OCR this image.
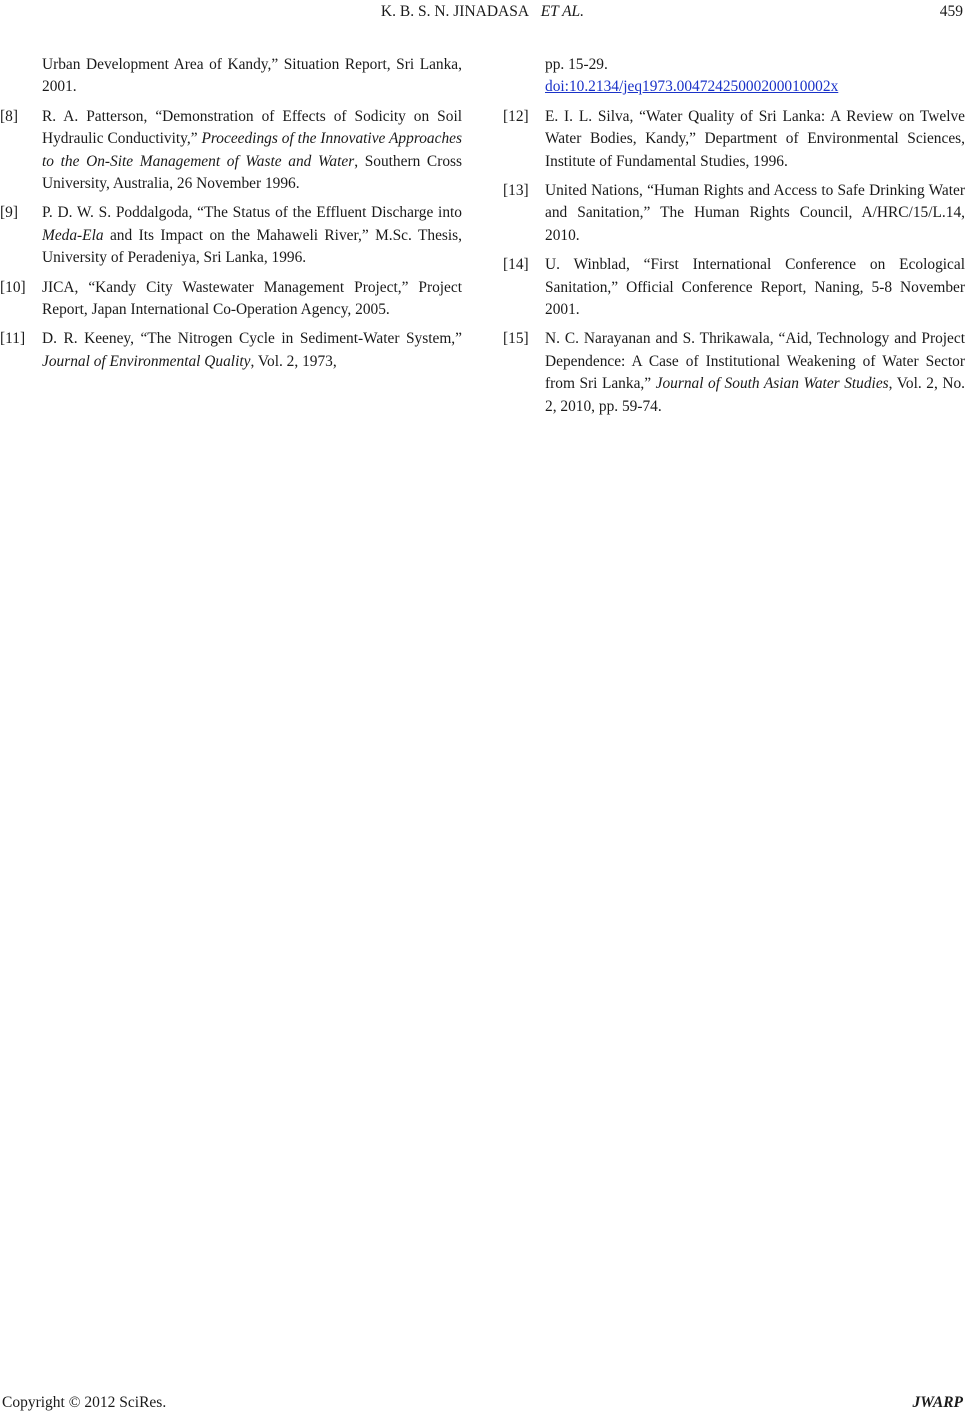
K. B. S. N. JINADASA ET AL.	459
Urban Development Area of Kandy,” Situation Report, Sri Lanka, 2001.
[8] R. A. Patterson, “Demonstration of Effects of Sodicity on Soil Hydraulic Conductivity,” Proceedings of the Innovative Approaches to the On-Site Management of Waste and Water, Southern Cross University, Australia, 26 November 1996.
[9] P. D. W. S. Poddalgoda, “The Status of the Effluent Discharge into Meda-Ela and Its Impact on the Mahaweli River,” M.Sc. Thesis, University of Peradeniya, Sri Lanka, 1996.
[10] JICA, “Kandy City Wastewater Management Project,” Project Report, Japan International Co-Operation Agency, 2005.
[11] D. R. Keeney, “The Nitrogen Cycle in Sediment-Water System,” Journal of Environmental Quality, Vol. 2, 1973,
pp. 15-29.
doi:10.2134/jeq1973.00472425000200010002x
[12] E. I. L. Silva, “Water Quality of Sri Lanka: A Review on Twelve Water Bodies, Kandy,” Department of Environmental Sciences, Institute of Fundamental Studies, 1996.
[13] United Nations, “Human Rights and Access to Safe Drinking Water and Sanitation,” The Human Rights Council, A/HRC/15/L.14, 2010.
[14] U. Winblad, “First International Conference on Ecological Sanitation,” Official Conference Report, Naning, 5-8 November 2001.
[15] N. C. Narayanan and S. Thrikawala, “Aid, Technology and Project Dependence: A Case of Institutional Weakening of Water Sector from Sri Lanka,” Journal of South Asian Water Studies, Vol. 2, No. 2, 2010, pp. 59-74.
Copyright © 2012 SciRes.	JWARP
